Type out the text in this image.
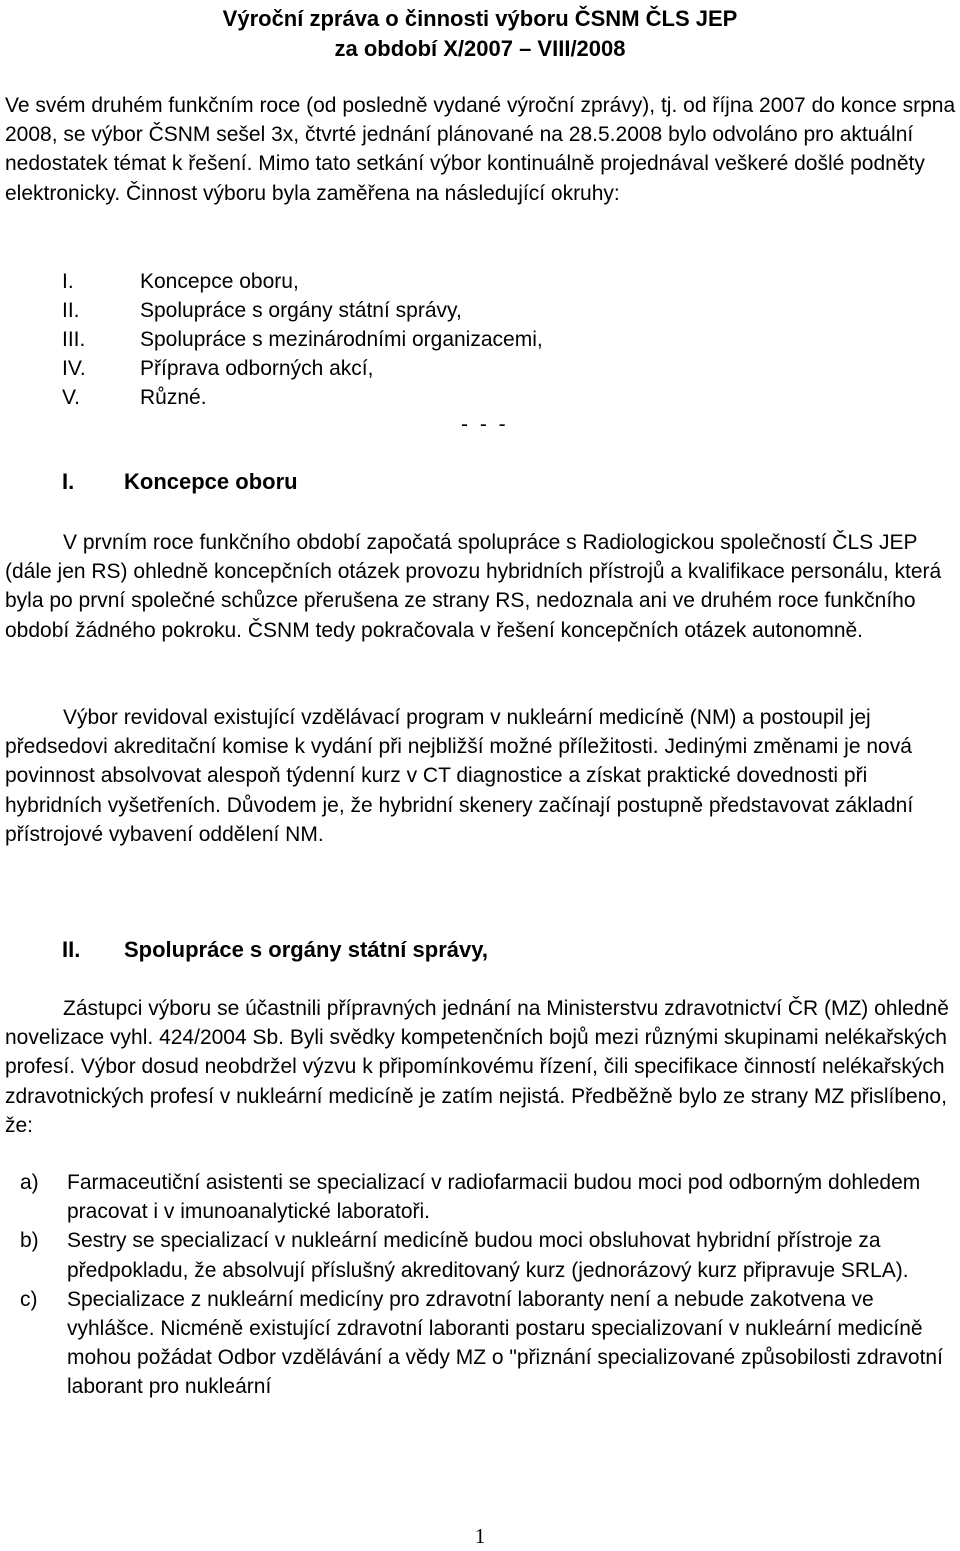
Výroční zpráva o činnosti výboru ČSNM ČLS JEP
za období X/2007 – VIII/2008

Ve svém druhém funkčním roce (od posledně vydané výroční zprávy), tj. od října 2007 do konce srpna 2008, se výbor ČSNM sešel 3x, čtvrté jednání plánované na 28.5.2008 bylo odvoláno pro aktuální nedostatek témat k řešení. Mimo tato setkání výbor kontinuálně projednával veškeré došlé podněty elektronicky. Činnost výboru byla zaměřena na následující okruhy:

I.	Koncepce oboru,
II.	Spolupráce s orgány státní správy,
III.	Spolupráce s mezinárodními organizacemi,
IV.	Příprava odborných akcí,
V.	Různé.
- - -
I.	Koncepce oboru

V prvním roce funkčního období započatá spolupráce s Radiologickou společností ČLS JEP (dále jen RS) ohledně koncepčních otázek provozu hybridních přístrojů a kvalifikace personálu, která byla po první společné schůzce přerušena ze strany RS, nedoznala ani ve druhém roce funkčního období žádného pokroku. ČSNM tedy pokračovala v řešení koncepčních otázek autonomně.

Výbor revidoval existující vzdělávací program v nukleární medicíně (NM) a postoupil jej předsedovi akreditační komise k vydání při nejbližší možné příležitosti. Jedinými změnami je nová povinnost absolvovat alespoň týdenní kurz v CT diagnostice a získat praktické dovednosti při hybridních vyšetřeních. Důvodem je, že hybridní skenery začínají postupně představovat základní přístrojové vybavení oddělení NM.

II.	Spolupráce s orgány státní správy,

Zástupci výboru se účastnili přípravných jednání na Ministerstvu zdravotnictví ČR (MZ) ohledně novelizace vyhl. 424/2004 Sb. Byli svědky kompetenčních bojů mezi různými skupinami nelékařských profesí. Výbor dosud neobdržel výzvu k připomínkovému řízení, čili specifikace činností nelékařských zdravotnických profesí v nukleární medicíně je zatím nejistá. Předběžně bylo ze strany MZ přislíbeno, že:

a)	Farmaceutiční asistenti se specializací v radiofarmacii budou moci pod odborným dohledem pracovat i v imunoanalytické laboratoři.
b)	Sestry se specializací v nukleární medicíně budou moci obsluhovat hybridní přístroje za předpokladu, že absolvují příslušný akreditovaný kurz (jednorázový kurz připravuje SRLA).
c)	Specializace z nukleární medicíny pro zdravotní laboranty není a nebude zakotvena ve vyhlášce. Nicméně existující zdravotní laboranti postaru specializovaní v nukleární medicíně mohou požádat Odbor vzdělávání a vědy MZ o "přiznání specializované způsobilosti zdravotní laborant pro nukleární
1
